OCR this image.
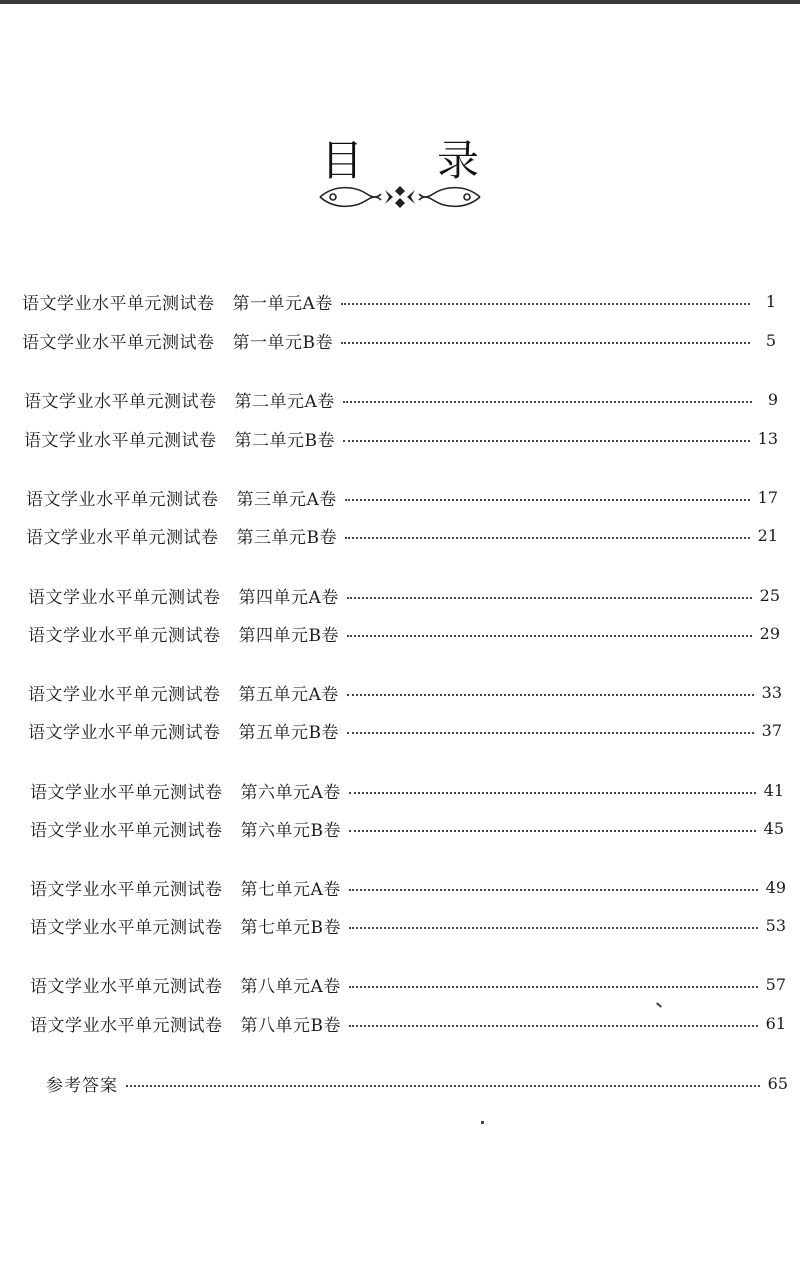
目录
语文学业水平单元测试卷 第一单元A卷	1
语文学业水平单元测试卷 第一单元B卷	5
语文学业水平单元测试卷 第二单元A卷	9
语文学业水平单元测试卷 第二单元B卷	13
语文学业水平单元测试卷 第三单元A卷	17
语文学业水平单元测试卷 第三单元B卷	21
语文学业水平单元测试卷 第四单元A卷	25
语文学业水平单元测试卷 第四单元B卷	29
语文学业水平单元测试卷 第五单元A卷	33
语文学业水平单元测试卷 第五单元B卷	37
语文学业水平单元测试卷 第六单元A卷	41
语文学业水平单元测试卷 第六单元B卷	45
语文学业水平单元测试卷 第七单元A卷	49
语文学业水平单元测试卷 第七单元B卷	53
语文学业水平单元测试卷 第八单元A卷	57
语文学业水平单元测试卷 第八单元B卷	61
参考答案	65
